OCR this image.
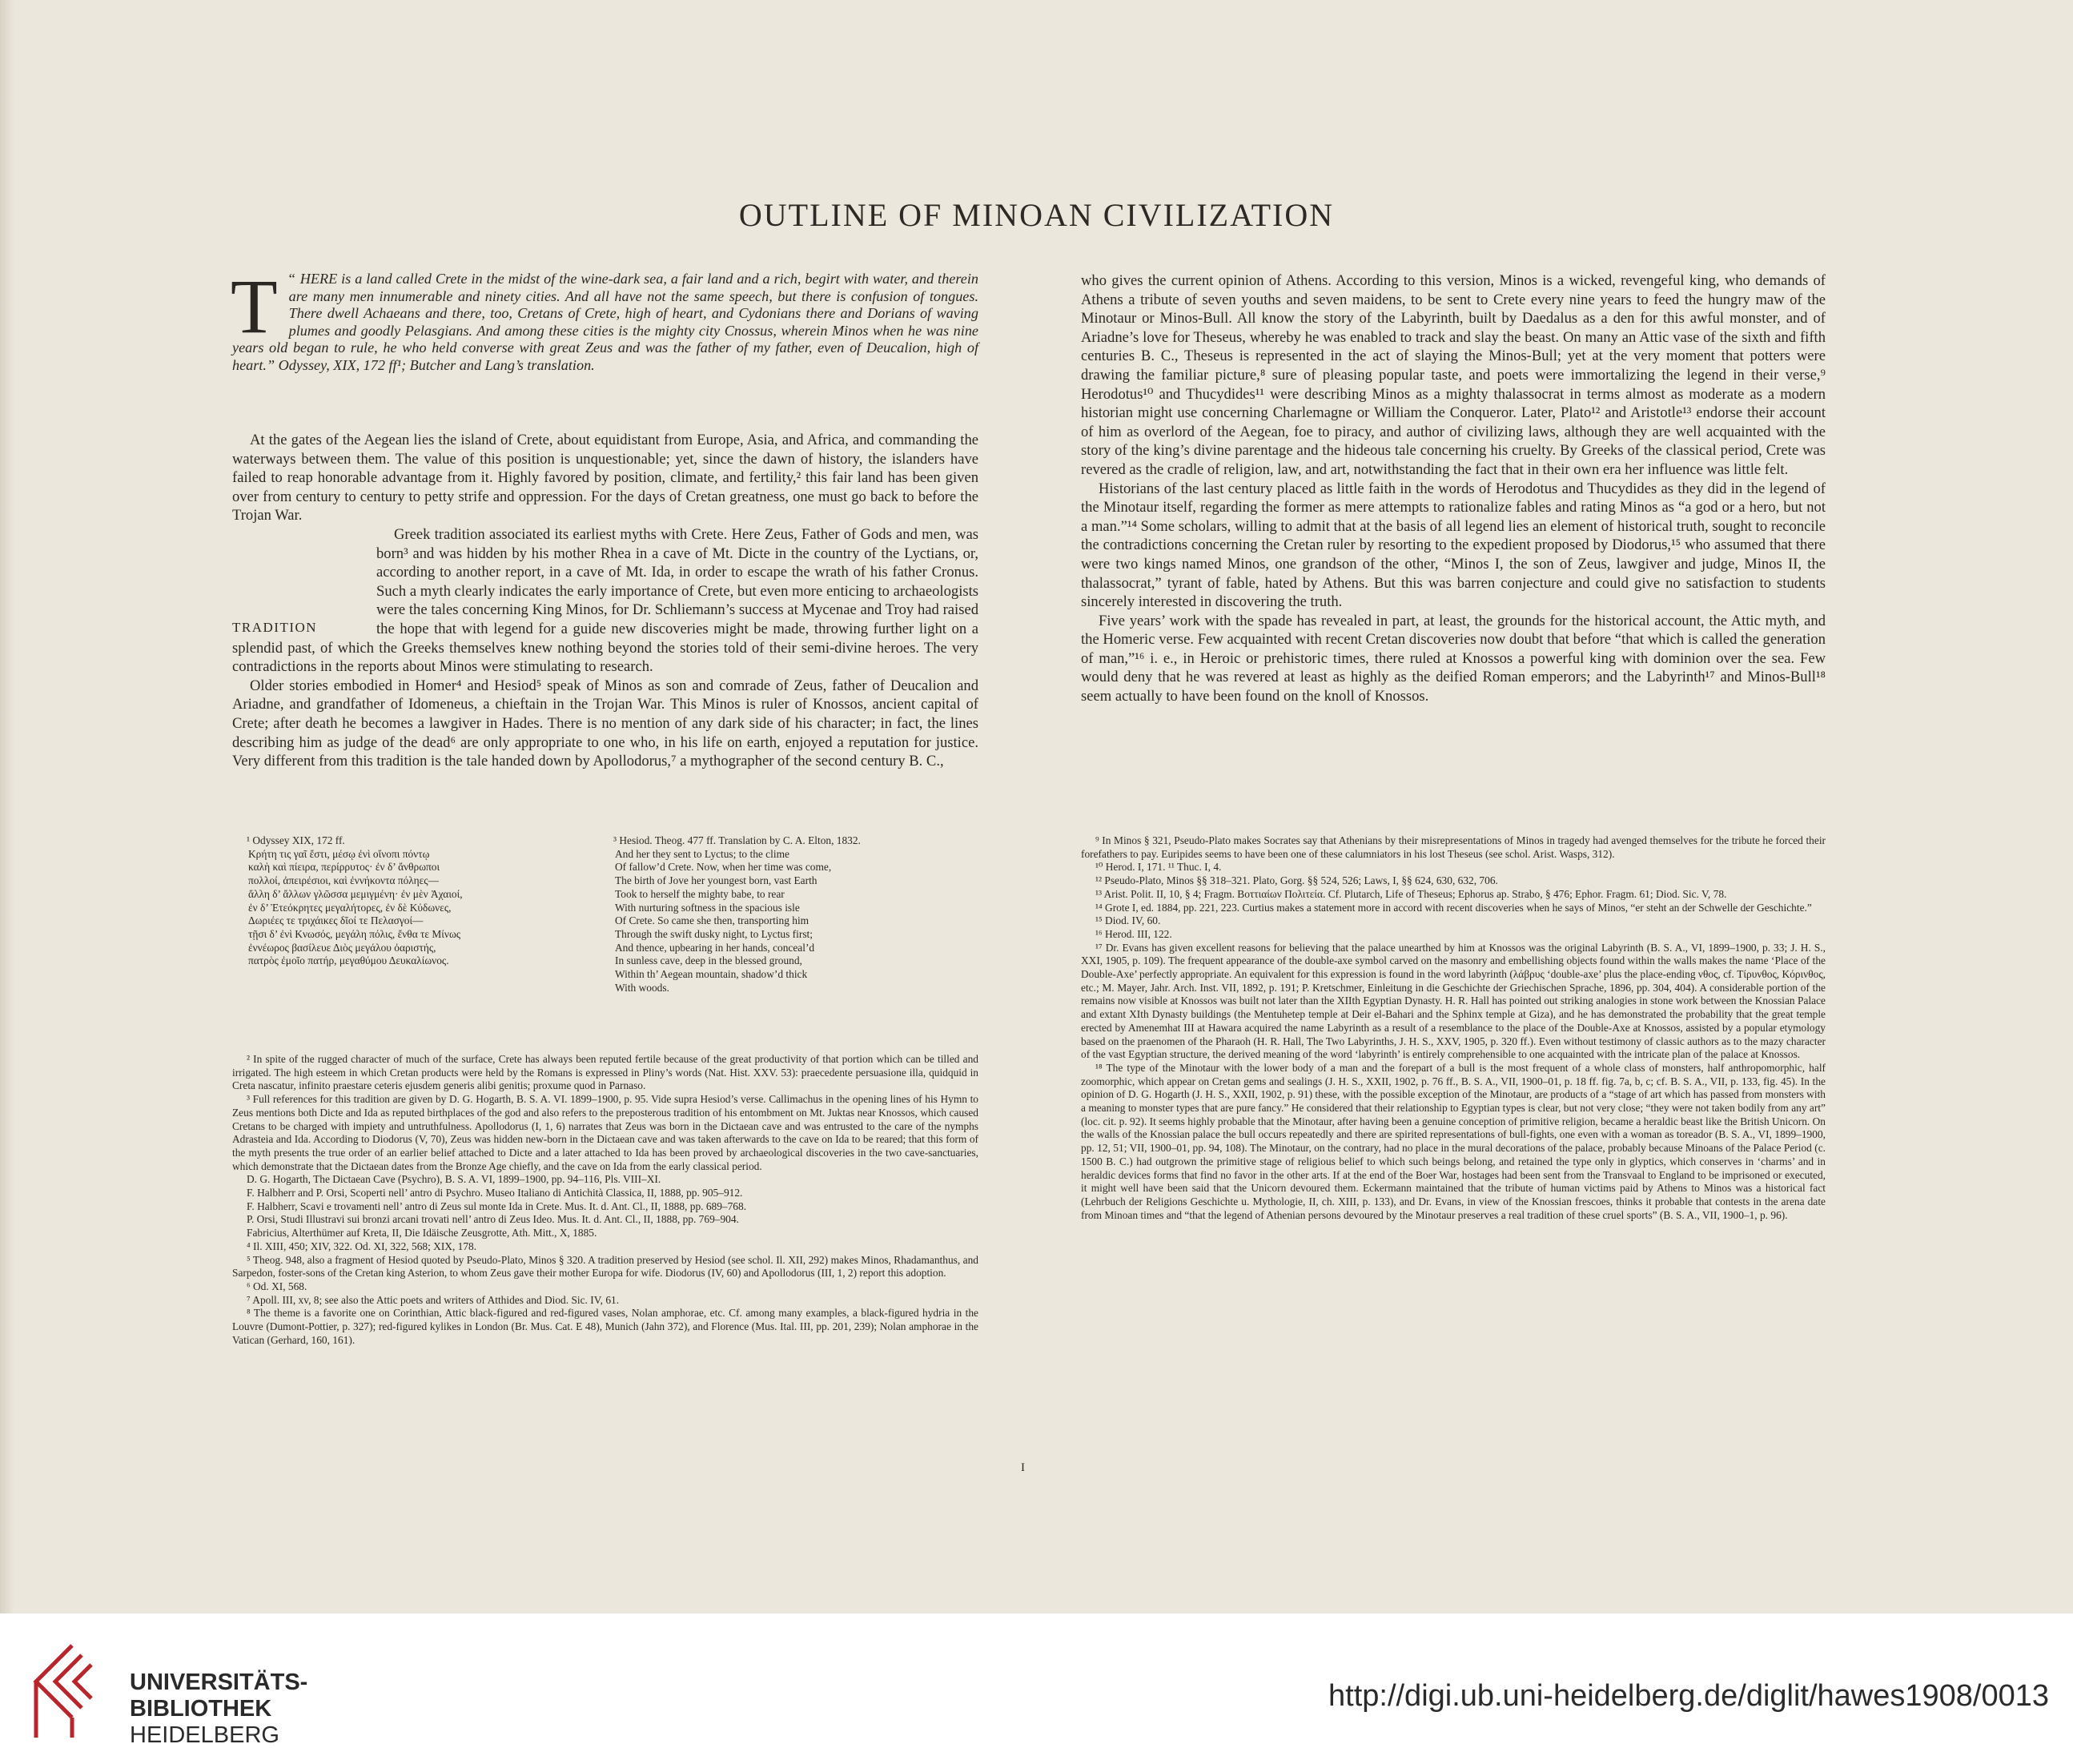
OUTLINE OF MINOAN CIVILIZATION
“
T HERE is a land called Crete in the midst of the wine-dark sea, a fair land and a rich, begirt with water, and therein are many men innumerable and ninety cities. And all have not the same speech, but there is confusion of tongues. There dwell Achaeans and there, too, Cretans of Crete, high of heart, and Cydonians there and Dorians of waving plumes and goodly Pelasgians. And among these cities is the mighty city Cnossus, wherein Minos when he was nine years old began to rule, he who held converse with great Zeus and was the father of my father, even of Deucalion, high of heart.” Odyssey, XIX, 172 ff¹; Butcher and Lang’s translation.

At the gates of the Aegean lies the island of Crete, about equidistant from Europe, Asia, and Africa, and commanding the waterways between them. The value of this position is unquestionable; yet, since the dawn of history, the islanders have failed to reap honorable advantage from it. Highly favored by position, climate, and fertility,² this fair land has been given over from century to century to petty strife and oppression. For the days of Cretan greatness, one must go back to before the Trojan War.

TRADITION
Greek tradition associated its earliest myths with Crete. Here Zeus, Father of Gods and men, was born³ and was hidden by his mother Rhea in a cave of Mt. Dicte in the country of the Lyctians, or, according to another report, in a cave of Mt. Ida, in order to escape the wrath of his father Cronus. Such a myth clearly indicates the early importance of Crete, but even more enticing to archaeologists were the tales concerning King Minos, for Dr. Schliemann’s success at Mycenae and Troy had raised the hope that with legend for a guide new discoveries might be made, throwing further light on a splendid past, of which the Greeks themselves knew nothing beyond the stories told of their semi-divine heroes. The very contradictions in the reports about Minos were stimulating to research.

Older stories embodied in Homer⁴ and Hesiod⁵ speak of Minos as son and comrade of Zeus, father of Deucalion and Ariadne, and grandfather of Idomeneus, a chieftain in the Trojan War. This Minos is ruler of Knossos, ancient capital of Crete; after death he becomes a lawgiver in Hades. There is no mention of any dark side of his character; in fact, the lines describing him as judge of the dead⁶ are only appropriate to one who, in his life on earth, enjoyed a reputation for justice. Very different from this tradition is the tale handed down by Apollodorus,⁷ a mythographer of the second century B. C.,

who gives the current opinion of Athens. According to this version, Minos is a wicked, revengeful king, who demands of Athens a tribute of seven youths and seven maidens, to be sent to Crete every nine years to feed the hungry maw of the Minotaur or Minos-Bull. All know the story of the Labyrinth, built by Daedalus as a den for this awful monster, and of Ariadne’s love for Theseus, whereby he was enabled to track and slay the beast. On many an Attic vase of the sixth and fifth centuries B. C., Theseus is represented in the act of slaying the Minos-Bull; yet at the very moment that potters were drawing the familiar picture,⁸ sure of pleasing popular taste, and poets were immortalizing the legend in their verse,⁹ Herodotus¹⁰ and Thucydides¹¹ were describing Minos as a mighty thalassocrat in terms almost as moderate as a modern historian might use concerning Charlemagne or William the Conqueror. Later, Plato¹² and Aristotle¹³ endorse their account of him as overlord of the Aegean, foe to piracy, and author of civilizing laws, although they are well acquainted with the story of the king’s divine parentage and the hideous tale concerning his cruelty. By Greeks of the classical period, Crete was revered as the cradle of religion, law, and art, notwithstanding the fact that in their own era her influence was little felt.

Historians of the last century placed as little faith in the words of Herodotus and Thucydides as they did in the legend of the Minotaur itself, regarding the former as mere attempts to rationalize fables and rating Minos as “a god or a hero, but not a man.”¹⁴ Some scholars, willing to admit that at the basis of all legend lies an element of historical truth, sought to reconcile the contradictions concerning the Cretan ruler by resorting to the expedient proposed by Diodorus,¹⁵ who assumed that there were two kings named Minos, one grandson of the other, “Minos I, the son of Zeus, lawgiver and judge, Minos II, the thalassocrat,” tyrant of fable, hated by Athens. But this was barren conjecture and could give no satisfaction to students sincerely interested in discovering the truth.

Five years’ work with the spade has revealed in part, at least, the grounds for the historical account, the Attic myth, and the Homeric verse. Few acquainted with recent Cretan discoveries now doubt that before “that which is called the generation of man,”¹⁶ i. e., in Heroic or prehistoric times, there ruled at Knossos a powerful king with dominion over the sea. Few would deny that he was revered at least as highly as the deified Roman emperors; and the Labyrinth¹⁷ and Minos-Bull¹⁸ seem actually to have been found on the knoll of Knossos.

¹ Odyssey XIX, 172 ff.

Κρήτη τις γαῖ ἔστι, μέσῳ ἐνὶ οἴνοπι πόντῳ

καλὴ καὶ πίειρα, περίρρυτος· ἐν δ’ ἄνθρωποι

πολλοί, ἀπειρέσιοι, καὶ ἐννήκοντα πόληες—

ἄλλη δ’ ἄλλων γλῶσσα μεμιγμένη· ἐν μὲν Ἀχαιοί,

ἐν δ’ Ἐτεόκρητες μεγαλήτορες, ἐν δὲ Κύδωνες,

Δωριέες τε τριχάικες δῖοί τε Πελασγοί—

τῇσι δ’ ἐνὶ Κνωσός, μεγάλη πόλις, ἔνθα τε Μίνως

ἐννέωρος βασίλευε Διὸς μεγάλου ὀαριστής,

πατρὸς ἐμοῖο πατήρ, μεγαθύμου Δευκαλίωνος.

³ Hesiod. Theog. 477 ff. Translation by C. A. Elton, 1832.

And her they sent to Lyctus; to the clime

Of fallow’d Crete. Now, when her time was come,

The birth of Jove her youngest born, vast Earth

Took to herself the mighty babe, to rear

With nurturing softness in the spacious isle

Of Crete. So came she then, transporting him

Through the swift dusky night, to Lyctus first;

And thence, upbearing in her hands, conceal’d

In sunless cave, deep in the blessed ground,

Within th’ Aegean mountain, shadow’d thick

With woods.

² In spite of the rugged character of much of the surface, Crete has always been reputed fertile because of the great productivity of that portion which can be tilled and irrigated. The high esteem in which Cretan products were held by the Romans is expressed in Pliny’s words (Nat. Hist. XXV. 53): praecedente persuasione illa, quidquid in Creta nascatur, infinito praestare ceteris ejusdem generis alibi genitis; proxume quod in Parnaso.

³ Full references for this tradition are given by D. G. Hogarth, B. S. A. VI. 1899–1900, p. 95. Vide supra Hesiod’s verse. Callimachus in the opening lines of his Hymn to Zeus mentions both Dicte and Ida as reputed birthplaces of the god and also refers to the preposterous tradition of his entombment on Mt. Juktas near Knossos, which caused Cretans to be charged with impiety and untruthfulness. Apollodorus (I, 1, 6) narrates that Zeus was born in the Dictaean cave and was entrusted to the care of the nymphs Adrasteia and Ida. According to Diodorus (V, 70), Zeus was hidden new-born in the Dictaean cave and was taken afterwards to the cave on Ida to be reared; that this form of the myth presents the true order of an earlier belief attached to Dicte and a later attached to Ida has been proved by archaeological discoveries in the two cave-sanctuaries, which demonstrate that the Dictaean dates from the Bronze Age chiefly, and the cave on Ida from the early classical period.

D. G. Hogarth, The Dictaean Cave (Psychro), B. S. A. VI, 1899–1900, pp. 94–116, Pls. VIII–XI.

F. Halbherr and P. Orsi, Scoperti nell’ antro di Psychro. Museo Italiano di Antichità Classica, II, 1888, pp. 905–912.

F. Halbherr, Scavi e trovamenti nell’ antro di Zeus sul monte Ida in Crete. Mus. It. d. Ant. Cl., II, 1888, pp. 689–768.

P. Orsi, Studi Illustravi sui bronzi arcani trovati nell’ antro di Zeus Ideo. Mus. It. d. Ant. Cl., II, 1888, pp. 769–904.

Fabricius, Alterthümer auf Kreta, II, Die Idäische Zeusgrotte, Ath. Mitt., X, 1885.

⁴ Il. XIII, 450; XIV, 322. Od. XI, 322, 568; XIX, 178.

⁵ Theog. 948, also a fragment of Hesiod quoted by Pseudo-Plato, Minos § 320. A tradition preserved by Hesiod (see schol. Il. XII, 292) makes Minos, Rhadamanthus, and Sarpedon, foster-sons of the Cretan king Asterion, to whom Zeus gave their mother Europa for wife. Diodorus (IV, 60) and Apollodorus (III, 1, 2) report this adoption.

⁶ Od. XI, 568.

⁷ Apoll. III, xv, 8; see also the Attic poets and writers of Atthides and Diod. Sic. IV, 61.

⁸ The theme is a favorite one on Corinthian, Attic black-figured and red-figured vases, Nolan amphorae, etc. Cf. among many examples, a black-figured hydria in the Louvre (Dumont-Pottier, p. 327); red-figured kylikes in London (Br. Mus. Cat. E 48), Munich (Jahn 372), and Florence (Mus. Ital. III, pp. 201, 239); Nolan amphorae in the Vatican (Gerhard, 160, 161).

⁹ In Minos § 321, Pseudo-Plato makes Socrates say that Athenians by their misrepresentations of Minos in tragedy had avenged themselves for the tribute he forced their forefathers to pay. Euripides seems to have been one of these calumniators in his lost Theseus (see schol. Arist. Wasps, 312).

¹⁰ Herod. I, 171. ¹¹ Thuc. I, 4.

¹² Pseudo-Plato, Minos §§ 318–321. Plato, Gorg. §§ 524, 526; Laws, I, §§ 624, 630, 632, 706.

¹³ Arist. Polit. II, 10, § 4; Fragm. Βοττιαίων Πολιτεία. Cf. Plutarch, Life of Theseus; Ephorus ap. Strabo, § 476; Ephor. Fragm. 61; Diod. Sic. V, 78.

¹⁴ Grote I, ed. 1884, pp. 221, 223. Curtius makes a statement more in accord with recent discoveries when he says of Minos, “er steht an der Schwelle der Geschichte.”

¹⁵ Diod. IV, 60.

¹⁶ Herod. III, 122.

¹⁷ Dr. Evans has given excellent reasons for believing that the palace unearthed by him at Knossos was the original Labyrinth (B. S. A., VI, 1899–1900, p. 33; J. H. S., XXI, 1905, p. 109). The frequent appearance of the double-axe symbol carved on the masonry and embellishing objects found within the walls makes the name ‘Place of the Double-Axe’ perfectly appropriate. An equivalent for this expression is found in the word labyrinth (λάβρυς ‘double-axe’ plus the place-ending νθος, cf. Τίρυνθος, Κόρινθος, etc.; M. Mayer, Jahr. Arch. Inst. VII, 1892, p. 191; P. Kretschmer, Einleitung in die Geschichte der Griechischen Sprache, 1896, pp. 304, 404). A considerable portion of the remains now visible at Knossos was built not later than the XIIth Egyptian Dynasty. H. R. Hall has pointed out striking analogies in stone work between the Knossian Palace and extant XIth Dynasty buildings (the Mentuhetep temple at Deir el-Bahari and the Sphinx temple at Giza), and he has demonstrated the probability that the great temple erected by Amenemhat III at Hawara acquired the name Labyrinth as a result of a resemblance to the place of the Double-Axe at Knossos, assisted by a popular etymology based on the praenomen of the Pharaoh (H. R. Hall, The Two Labyrinths, J. H. S., XXV, 1905, p. 320 ff.). Even without testimony of classic authors as to the mazy character of the vast Egyptian structure, the derived meaning of the word ‘labyrinth’ is entirely comprehensible to one acquainted with the intricate plan of the palace at Knossos.

¹⁸ The type of the Minotaur with the lower body of a man and the forepart of a bull is the most frequent of a whole class of monsters, half anthropomorphic, half zoomorphic, which appear on Cretan gems and sealings (J. H. S., XXII, 1902, p. 76 ff., B. S. A., VII, 1900–01, p. 18 ff. fig. 7a, b, c; cf. B. S. A., VII, p. 133, fig. 45). In the opinion of D. G. Hogarth (J. H. S., XXII, 1902, p. 91) these, with the possible exception of the Minotaur, are products of a “stage of art which has passed from monsters with a meaning to monster types that are pure fancy.” He considered that their relationship to Egyptian types is clear, but not very close; “they were not taken bodily from any art” (loc. cit. p. 92). It seems highly probable that the Minotaur, after having been a genuine conception of primitive religion, became a heraldic beast like the British Unicorn. On the walls of the Knossian palace the bull occurs repeatedly and there are spirited representations of bull-fights, one even with a woman as toreador (B. S. A., VI, 1899–1900, pp. 12, 51; VII, 1900–01, pp. 94, 108). The Minotaur, on the contrary, had no place in the mural decorations of the palace, probably because Minoans of the Palace Period (c. 1500 B. C.) had outgrown the primitive stage of religious belief to which such beings belong, and retained the type only in glyptics, which conserves in ‘charms’ and in heraldic devices forms that find no favor in the other arts. If at the end of the Boer War, hostages had been sent from the Transvaal to England to be imprisoned or executed, it might well have been said that the Unicorn devoured them. Eckermann maintained that the tribute of human victims paid by Athens to Minos was a historical fact (Lehrbuch der Religions Geschichte u. Mythologie, II, ch. XIII, p. 133), and Dr. Evans, in view of the Knossian frescoes, thinks it probable that contests in the arena date from Minoan times and “that the legend of Athenian persons devoured by the Minotaur preserves a real tradition of these cruel sports” (B. S. A., VII, 1900–1, p. 96).

I
UNIVERSITÄTS-
BIBLIOTHEK
HEIDELBERG
http://digi.ub.uni-heidelberg.de/diglit/hawes1908/0013
